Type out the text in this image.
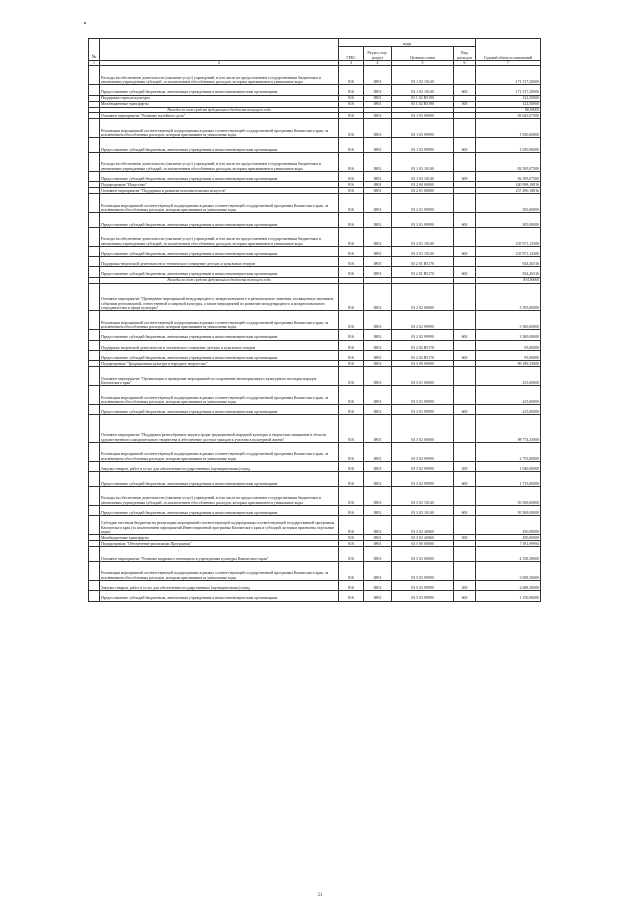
№		коды				Годовой объем ассигнований
		ГРБС	Раздел, под-раздел	Целевая статья	Вид расходов	
1	2	3	4	5	6	7
	Расходы на обеспечение деятельности (оказание услуг) учреждений, в том числе на предоставление государственным бюджетным и автономным учреждениям субсидий, за исключением обособленных расходов, которым присваиваются уникальные коды	816	0801	03 1 02 10140		171 517,20000
	Предоставление субсидий бюджетным, автономным учреждениям и иным некоммерческим организациям	816	0801	03 1 02 10140	600	171 517,20000
	Поддержка отрасли культуры	816	0801	03 1 02 R5190		122,50000
	Межбюджетные трансферты	816	0801	03 1 02 R5190	500	122,50000
	Расходы за счет средств федерального бюджета текущего года					88,90000
	Основное мероприятие "Развитие музейного дела"	816	0801	03 1 03 00000		83 645,07500
	Реализация мероприятий соответствующей подпрограммы в рамках соответствующей государственной программы Камчатского края, за исключением обособленных расходов, которым присваиваются уникальные коды	816	0801	03 1 03 09990		1 050,00000
	Предоставление субсидий бюджетным, автономным учреждениям и иным некоммерческим организациям	816	0801	03 1 03 09990	600	1 050,00000
	Расходы на обеспечение деятельности (оказание услуг) учреждений, в том числе на предоставление государственным бюджетным и автономным учреждениям субсидий, за исключением обособленных расходов, которым присваиваются уникальные коды	816	0801	03 1 03 10140		82 595,07500
	Предоставление субсидий бюджетным, автономным учреждениям и иным некоммерческим организациям	816	0801	03 1 03 10140	600	82 595,07500
	Подпрограмма "Искусство"	816	0801	03 2 00 00000		240 998,18816
	Основное мероприятие "Поддержка и развитие исполнительских искусств"	816	0801	03 2 01 00000		237 490,18816
	Реализация мероприятий соответствующей подпрограммы в рамках соответствующей государственной программы Камчатского края, за исключением обособленных расходов, которым присваиваются уникальные коды	816	0801	03 2 01 09990		505,00000
	Предоставление субсидий бюджетным, автономным учреждениям и иным некоммерческим организациям	816	0801	03 2 01 09990	600	505,00000
	Расходы на обеспечение деятельности (оказание услуг) учреждений, в том числе на предоставление государственным бюджетным и автономным учреждениям субсидий, за исключением обособленных расходов, которым присваиваются уникальные коды	816	0801	03 2 01 10140		235 971,12500
	Предоставление субсидий бюджетным, автономным учреждениям и иным некоммерческим организациям	816	0801	03 2 01 10140	600	235 971,12500
	Поддержка творческой деятельности и техническое оснащение детских и кукольных театров	816	0801	03 2 01 R5170		924,26316
	Предоставление субсидий бюджетным, автономным учреждениям и иным некоммерческим организациям	816	0801	03 2 01 R5170	600	924,26316
	Расходы за счет средств федерального бюджета текущего года					834,90000
	Основное мероприятие "Проведение мероприятий международного, межрегионального и регионального значения, посвященных значимым событиям региональной, отечественной и мировой культуры, а также мероприятий по развитию международного и межрегионального сотрудничества в сфере культуры"	816	0801	03 2 02 00000		3 395,00000
	Реализация мероприятий соответствующей подпрограммы в рамках соответствующей государственной программы Камчатского края, за исключением обособленных расходов, которым присваиваются уникальные коды	816	0801	03 2 02 09990		3 300,00000
	Предоставление субсидий бюджетным, автономным учреждениям и иным некоммерческим организациям	816	0801	03 2 02 09990	600	3 300,00000
	Поддержка творческой деятельности и техническое оснащение детских и кукольных театров	816	0801	03 2 02 R5170		95,00000
	Предоставление субсидий бюджетным, автономным учреждениям и иным некоммерческим организациям	816	0801	03 2 02 R5170	600	95,00000
	Подпрограмма "Традиционная культура и народное творчество"	816	0801	03 3 00 00000		99 189,33000
	Основное мероприятие "Организация и проведение мероприятий по сохранению нематериального культурного наследия народов Камчатского края"	816	0801	03 3 01 00000		415,00000
	Реализация мероприятий соответствующей подпрограммы в рамках соответствующей государственной программы Камчатского края, за исключением обособленных расходов, которым присваиваются уникальные коды	816	0801	03 3 01 09990		415,00000
	Предоставление субсидий бюджетным, автономным учреждениям и иным некоммерческим организациям	816	0801	03 3 01 09990	600	415,00000
	Основное мероприятие "Поддержка разнообразных видов и форм традиционной народной культуры и творческих инициатив в области художественного самодеятельного творчества и обеспечение доступа граждан к участию в культурной жизни"	816	0801	03 3 02 00000		98 774,33000
	Реализация мероприятий соответствующей подпрограммы в рамках соответствующей государственной программы Камчатского края, за исключением обособленных расходов, которым присваиваются уникальные коды	816	0801	03 3 02 09990		2 755,00000
	Закупка товаров, работ и услуг для обеспечения государственных (муниципальных) нужд	816	0801	03 3 02 09990	200	1 040,00000
	Предоставление субсидий бюджетным, автономным учреждениям и иным некоммерческим организациям	816	0801	03 3 02 09990	600	1 715,00000
	Расходы на обеспечение деятельности (оказание услуг) учреждений, в том числе на предоставление государственным бюджетным и автономным учреждениям субсидий, за исключением обособленных расходов, которым присваиваются уникальные коды	816	0801	03 3 02 10140		95 569,00000
	Предоставление субсидий бюджетным, автономным учреждениям и иным некоммерческим организациям	816	0801	03 3 02 10140	600	95 569,00000
	Субсидии местным бюджетам на реализацию мероприятий соответствующей подпрограммы соответствующей государственной программы Камчатского края (за исключением мероприятий Инвестиционной программы Камчатского края и субсидий, которым присвоены отдельные коды)	816	0801	03 3 02 40060		450,00000
	Межбюджетные трансферты	816	0801	03 3 02 40060	500	450,00000
	Подпрограмма "Обеспечение реализации Программы"	816	0801	03 5 00 00000		7 581,99984
	Основное мероприятие "Развитие кадрового потенциала в учреждениях культуры Камчатского края"	816	0801	03 5 03 00000		4 338,30000
	Реализация мероприятий соответствующей подпрограммы в рамках соответствующей государственной программы Камчатского края, за исключением обособленных расходов, которым присваиваются уникальные коды	816	0801	03 5 03 09990		3 838,30000
	Закупка товаров, работ и услуг для обеспечения государственных (муниципальных) нужд	816	0801	03 5 03 09990	200	2 688,30000
	Предоставление субсидий бюджетным, автономным учреждениям и иным некоммерческим организациям	816	0801	03 5 03 09990	600	1 150,00000
51
